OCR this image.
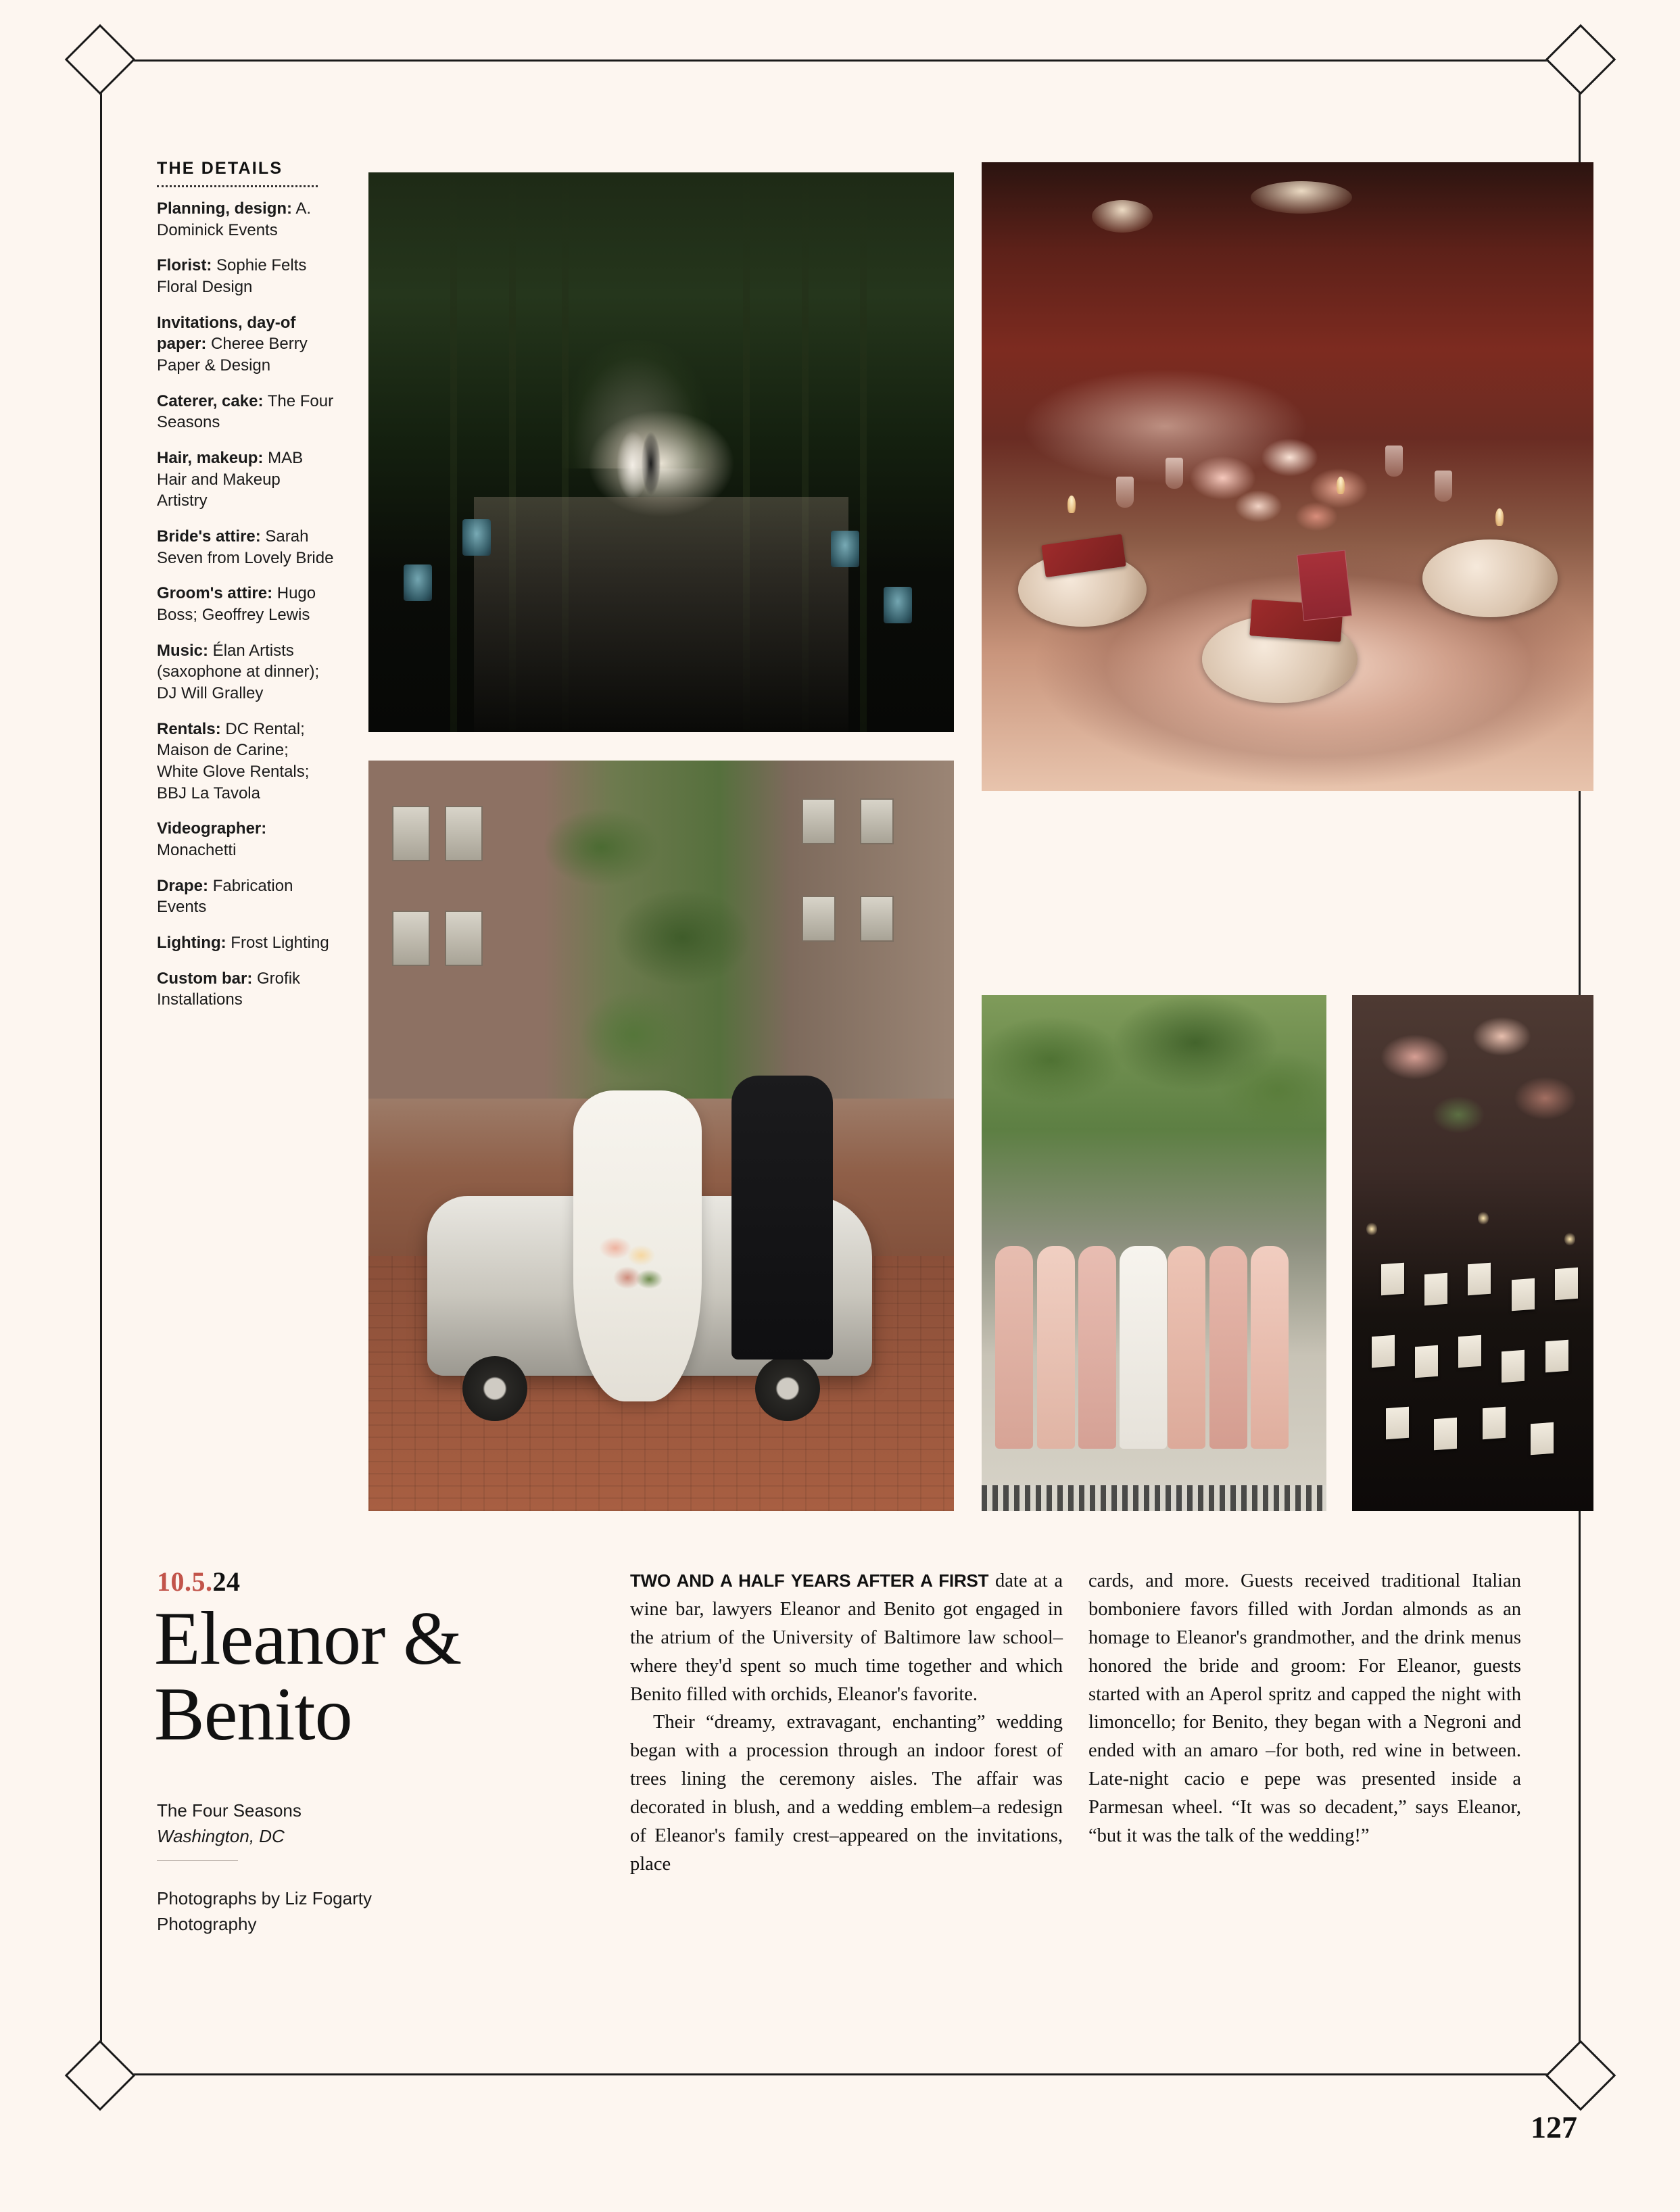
THE DETAILS
Planning, design: A. Dominick Events
Florist: Sophie Felts Floral Design
Invitations, day-of paper: Cheree Berry Paper & Design
Caterer, cake: The Four Seasons
Hair, makeup: MAB Hair and Makeup Artistry
Bride's attire: Sarah Seven from Lovely Bride
Groom's attire: Hugo Boss; Geoffrey Lewis
Music: Élan Artists (saxophone at dinner); DJ Will Gralley
Rentals: DC Rental; Maison de Carine; White Glove Rentals; BBJ La Tavola
Videographer: Monachetti
Drape: Fabrication Events
Lighting: Frost Lighting
Custom bar: Grofik Installations
10.5.24
Eleanor &
Benito
The Four Seasons
Washington, DC
Photographs by Liz Fogarty Photography

TWO AND A HALF YEARS AFTER A FIRST date at a wine bar, lawyers Eleanor and Benito got engaged in the atrium of the University of Baltimore law school–where they'd spent so much time together and which Benito filled with orchids, Eleanor's favorite.

Their “dreamy, extravagant, enchanting” wedding began with a procession through an indoor forest of trees lining the ceremony aisles. The affair was decorated in blush, and a wedding emblem–a redesign of Eleanor's family crest–appeared on the invitations, place

cards, and more. Guests received traditional Italian bomboniere favors filled with Jordan almonds as an homage to Eleanor's grandmother, and the drink menus honored the bride and groom: For Eleanor, guests started with an Aperol spritz and capped the night with limoncello; for Benito, they began with a Negroni and ended with an amaro –for both, red wine in between. Late-night cacio e pepe was presented inside a Parmesan wheel. “It was so decadent,” says Eleanor, “but it was the talk of the wedding!”

127
